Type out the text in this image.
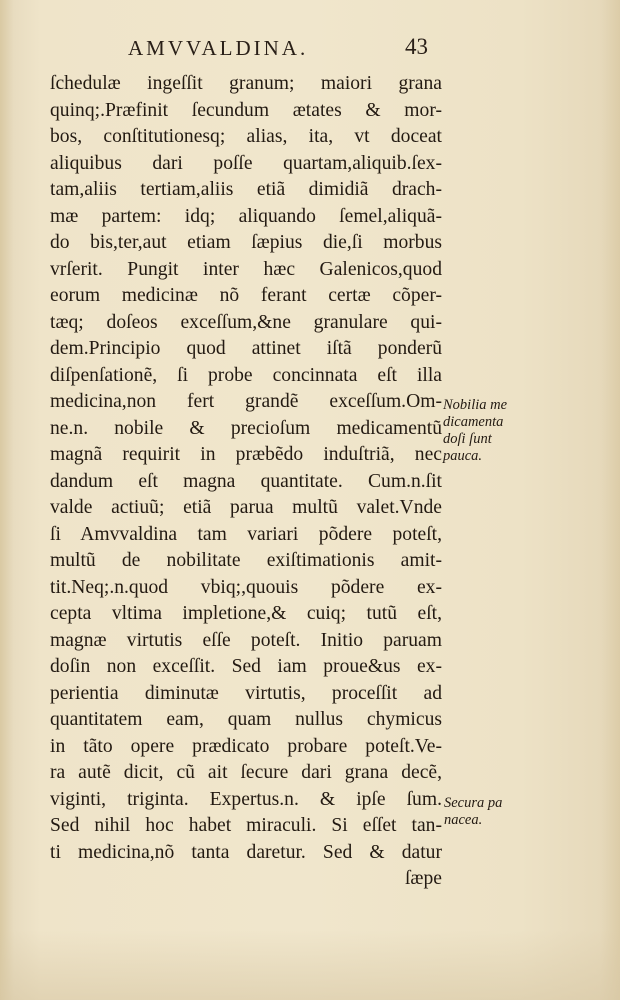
AMVVALDINA.	43
ſchedulæ ingeſſit granum; maiori grana
quinq;.Præfinit ſecundum ætates & mor-
bos, conſtitutionesq; alias, ita, vt doceat
aliquibus dari poſſe quartam,aliquib.ſex-
tam,aliis tertiam,aliis etiã dimidiã drach-
mæ partem: idq; aliquando ſemel,aliquã-
do bis,ter,aut etiam ſæpius die,ſi morbus
vrſerit. Pungit inter hæc Galenicos,quod
eorum medicinæ nõ ferant certæ cõper-
tæq; doſeos exceſſum,&ne granulare qui-
dem.Principio quod attinet iſtã ponderũ
diſpenſationẽ, ſi probe concinnata eſt illa
medicina,non fert grandẽ exceſſum.Om-
ne.n. nobile & precioſum medicamentũ
magnã requirit in præbẽdo induſtriã, nec
dandum eſt magna quantitate. Cum.n.ſit
valde actiuũ; etiã parua multũ valet.Vnde
ſi Amvvaldina tam variari põdere poteſt,
multũ de nobilitate exiſtimationis amit-
tit.Neq;.n.quod vbiq;,quouis põdere ex-
cepta vltima impletione,& cuiq; tutũ eſt,
magnæ virtutis eſſe poteſt. Initio paruam
doſin non exceſſit. Sed iam proue&us ex-
perientia diminutæ virtutis, proceſſit ad
quantitatem eam, quam nullus chymicus
in tãto opere prædicato probare poteſt.Ve-
ra autẽ dicit, cũ ait ſecure dari grana decẽ,
viginti, triginta. Expertus.n. & ipſe ſum.
Sed nihil hoc habet miraculi. Si eſſet tan-
ti medicina,nõ tanta daretur. Sed & datur
ſæpe
Nobilia me
dicamenta
doſi ſunt
pauca.
Secura pa
nacea.
